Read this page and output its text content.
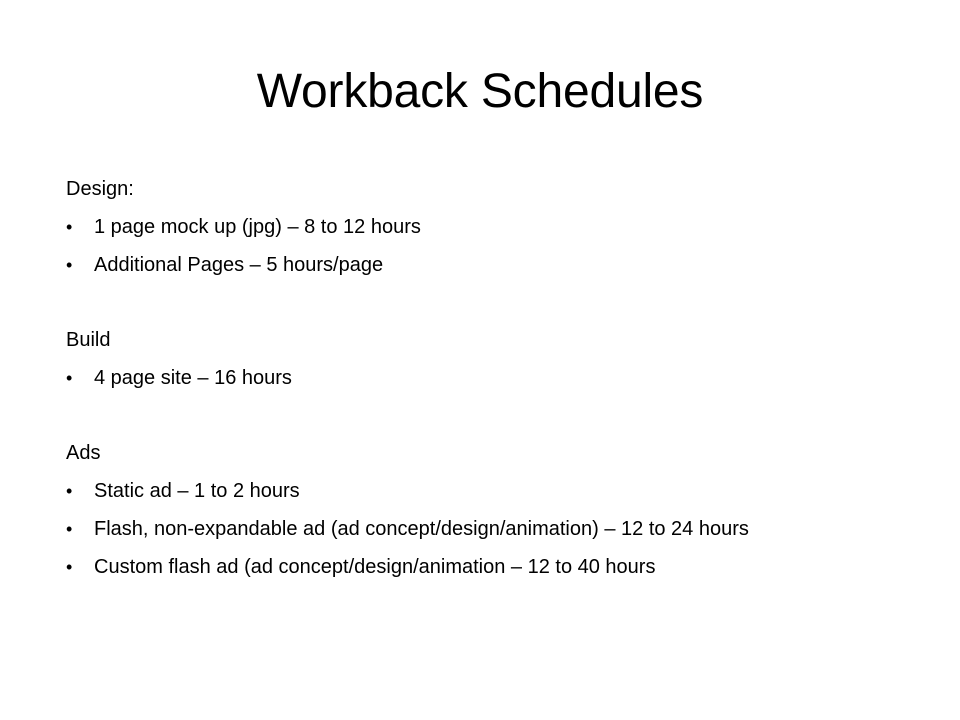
Workback Schedules
Design:
• 1 page mock up (jpg) – 8 to 12 hours
• Additional Pages – 5 hours/page
Build
• 4 page site – 16 hours
Ads
• Static ad – 1 to 2 hours
• Flash, non-expandable ad (ad concept/design/animation) – 12 to 24 hours
• Custom flash ad (ad concept/design/animation – 12 to 40 hours
